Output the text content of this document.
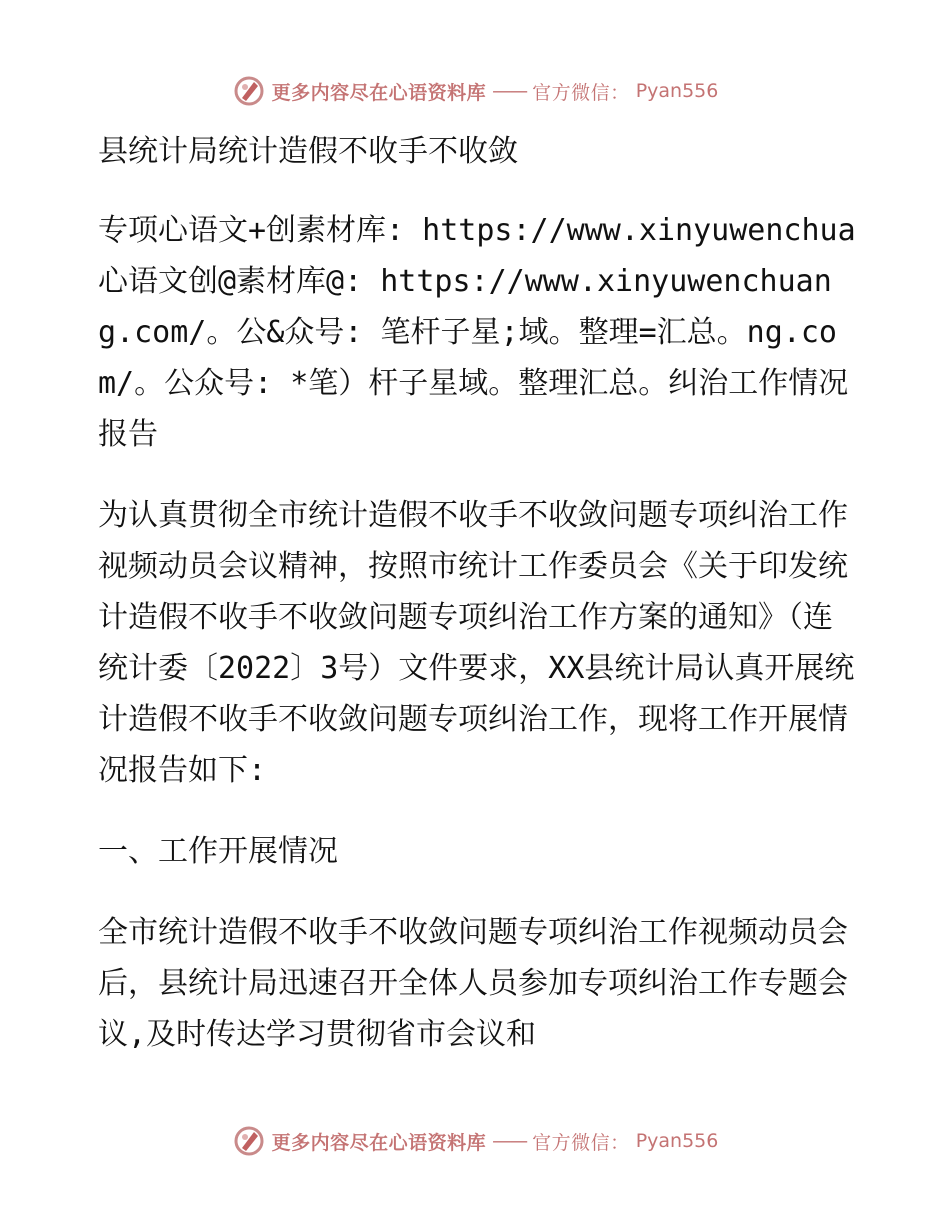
更多内容尽在心语资料库 —— 官方微信： Pyan556

县统计局统计造假不收手不收敛

专项心语文+创素材库: https://www.xinyuwenchua 心语文创@素材库@: https://www.xinyuwenchuang.com/。公&众号: 笔杆子星;域。整理=汇总。ng.com/。公众号: *笔）杆子星域。整理汇总。纠治工作情况报告

为认真贯彻全市统计造假不收手不收敛问题专项纠治工作视频动员会议精神，按照市统计工作委员会《关于印发统计造假不收手不收敛问题专项纠治工作方案的通知》（连统计委〔2022〕3号）文件要求，XX县统计局认真开展统计造假不收手不收敛问题专项纠治工作，现将工作开展情况报告如下:

一、工作开展情况

全市统计造假不收手不收敛问题专项纠治工作视频动员会后，县统计局迅速召开全体人员参加专项纠治工作专题会议,及时传达学习贯彻省市会议和

更多内容尽在心语资料库 —— 官方微信： Pyan556
